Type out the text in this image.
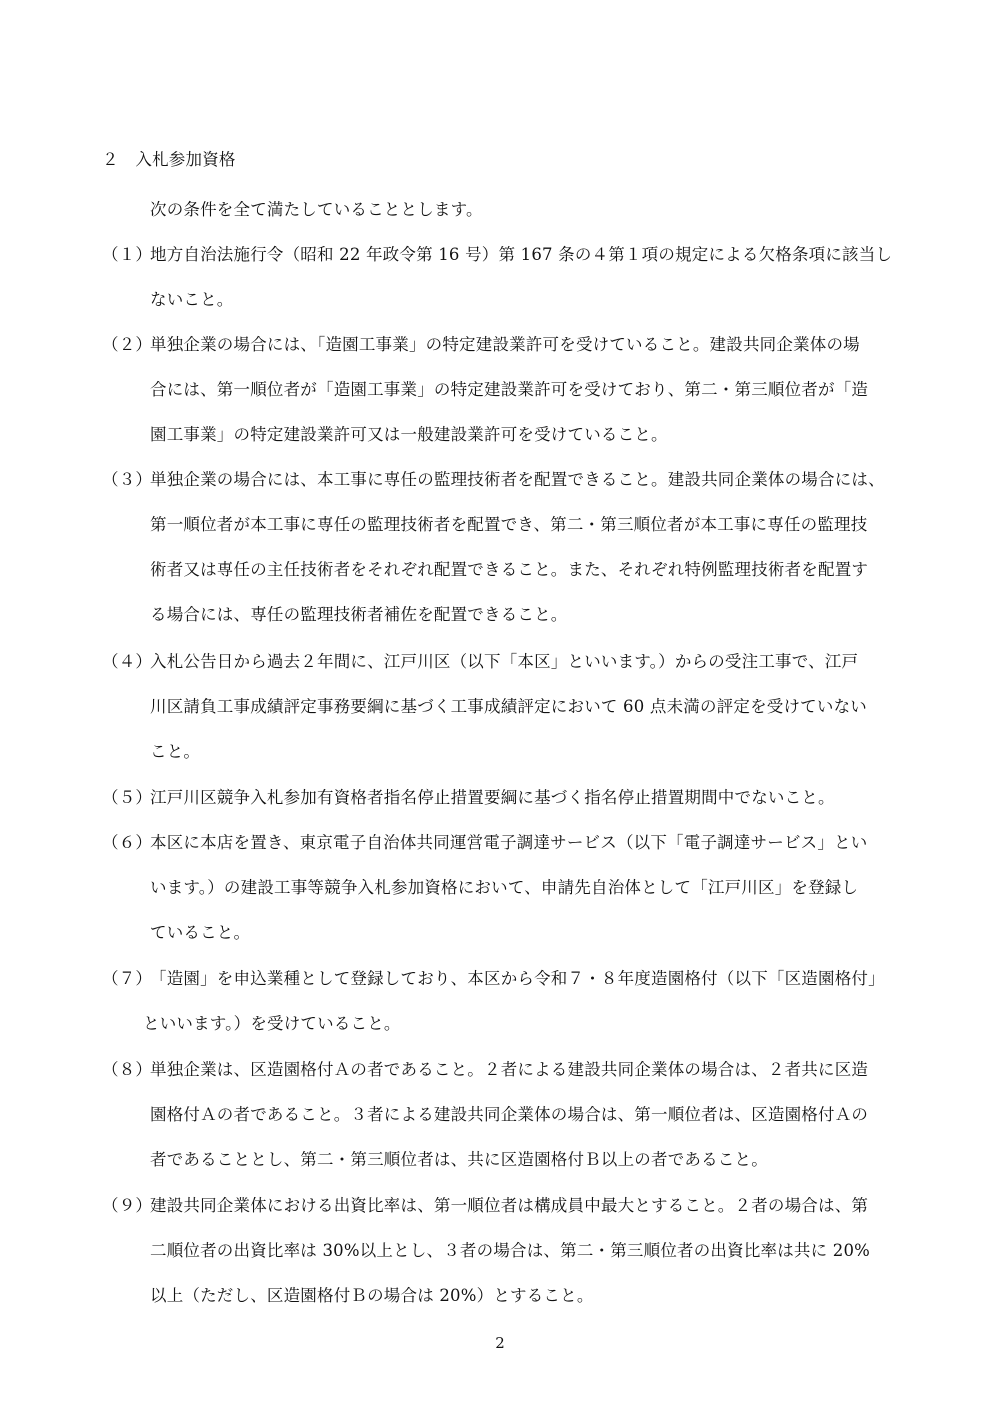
２　入札参加資格
次の条件を全て満たしていることとします。
（１）
地方自治法施行令（昭和 22 年政令第 16 号）第 167 条の４第１項の規定による欠格条項に該当し
ないこと。
（２）
単独企業の場合には、「造園工事業」の特定建設業許可を受けていること。建設共同企業体の場
合には、第一順位者が「造園工事業」の特定建設業許可を受けており、第二・第三順位者が「造
園工事業」の特定建設業許可又は一般建設業許可を受けていること。
（３）
単独企業の場合には、本工事に専任の監理技術者を配置できること。建設共同企業体の場合には、
第一順位者が本工事に専任の監理技術者を配置でき、第二・第三順位者が本工事に専任の監理技
術者又は専任の主任技術者をそれぞれ配置できること。また、それぞれ特例監理技術者を配置す
る場合には、専任の監理技術者補佐を配置できること。
（４）
入札公告日から過去２年間に、江戸川区（以下「本区」といいます。）からの受注工事で、江戸
川区請負工事成績評定事務要綱に基づく工事成績評定において 60 点未満の評定を受けていない
こと。
（５）
江戸川区競争入札参加有資格者指名停止措置要綱に基づく指名停止措置期間中でないこと。
（６）
本区に本店を置き、東京電子自治体共同運営電子調達サービス（以下「電子調達サービス」とい
います。）の建設工事等競争入札参加資格において、申請先自治体として「江戸川区」を登録し
ていること。
（７）
「造園」を申込業種として登録しており、本区から令和７・８年度造園格付（以下「区造園格付」
といいます。）を受けていること。
（８）
単独企業は、区造園格付Ａの者であること。２者による建設共同企業体の場合は、２者共に区造
園格付Ａの者であること。３者による建設共同企業体の場合は、第一順位者は、区造園格付Ａの
者であることとし、第二・第三順位者は、共に区造園格付Ｂ以上の者であること。
（９）
建設共同企業体における出資比率は、第一順位者は構成員中最大とすること。２者の場合は、第
二順位者の出資比率は 30%以上とし、３者の場合は、第二・第三順位者の出資比率は共に 20%
以上（ただし、区造園格付Ｂの場合は 20%）とすること。
2
